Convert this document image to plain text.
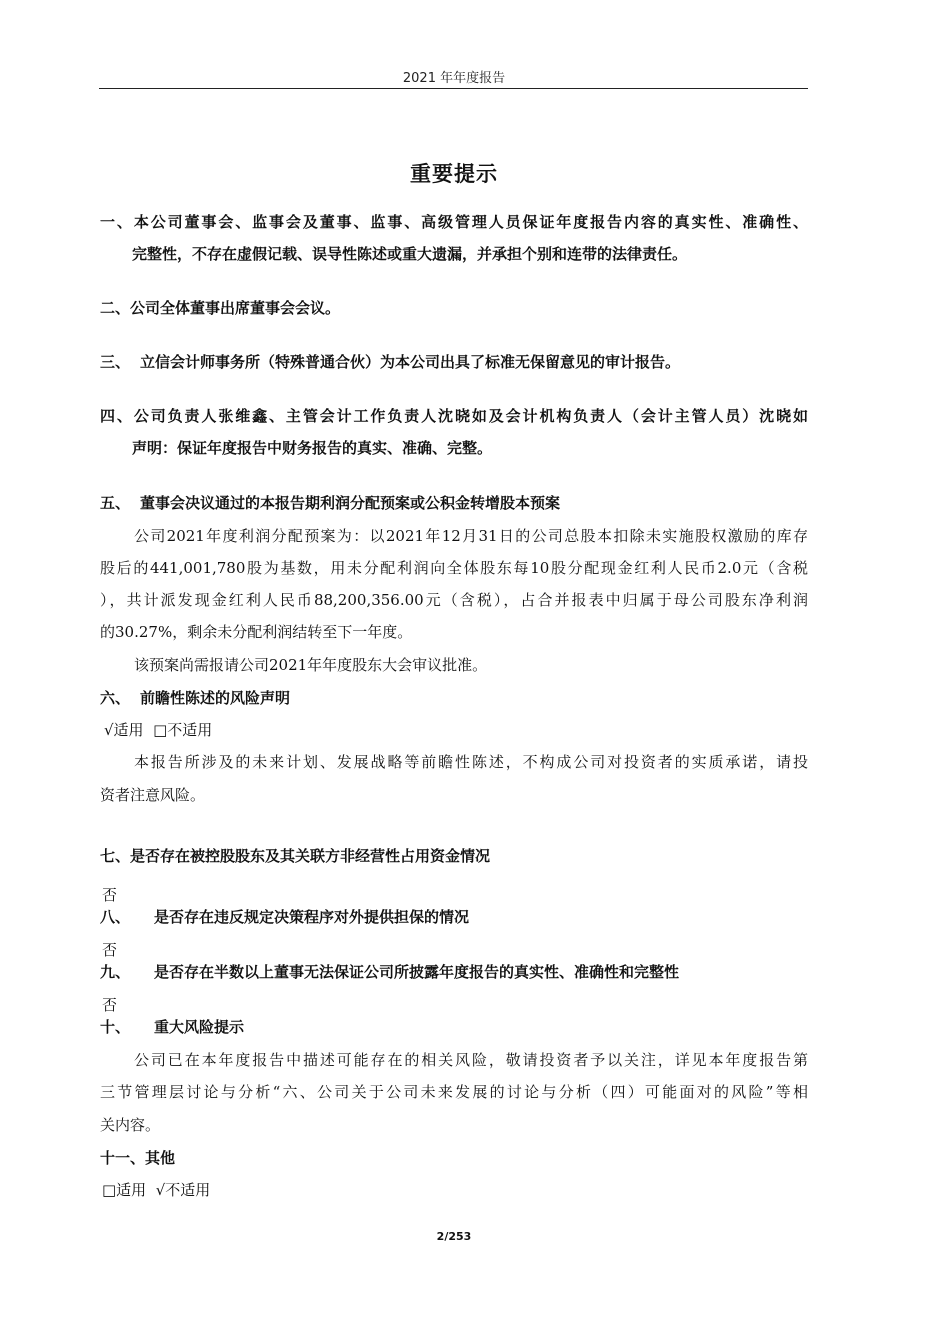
2021 年年度报告
重要提示
一、本公司董事会、监事会及董事、监事、高级管理人员保证年度报告内容的真实性、准确性、
完整性，不存在虚假记载、误导性陈述或重大遗漏，并承担个别和连带的法律责任。
二、公司全体董事出席董事会会议。
三、 立信会计师事务所（特殊普通合伙）为本公司出具了标准无保留意见的审计报告。
四、公司负责人张维鑫、主管会计工作负责人沈晓如及会计机构负责人（会计主管人员）沈晓如
声明：保证年度报告中财务报告的真实、准确、完整。
五、 董事会决议通过的本报告期利润分配预案或公积金转增股本预案
公司2021年度利润分配预案为：以2021年12月31日的公司总股本扣除未实施股权激励的库存
股后的441,001,780股为基数，用未分配利润向全体股东每10股分配现金红利人民币2.0元（含税
），共计派发现金红利人民币88,200,356.00元（含税），占合并报表中归属于母公司股东净利润
的30.27%，剩余未分配利润结转至下一年度。
该预案尚需报请公司2021年年度股东大会审议批准。
六、 前瞻性陈述的风险声明
√适用  □不适用
本报告所涉及的未来计划、发展战略等前瞻性陈述，不构成公司对投资者的实质承诺，请投
资者注意风险。
七、是否存在被控股股东及其关联方非经营性占用资金情况
否
八、 是否存在违反规定决策程序对外提供担保的情况
否
九、 是否存在半数以上董事无法保证公司所披露年度报告的真实性、准确性和完整性
否
十、 重大风险提示
公司已在本年度报告中描述可能存在的相关风险，敬请投资者予以关注，详见本年度报告第
三节管理层讨论与分析“六、公司关于公司未来发展的讨论与分析（四）可能面对的风险”等相
关内容。
十一、其他
□适用  √不适用
2/253
